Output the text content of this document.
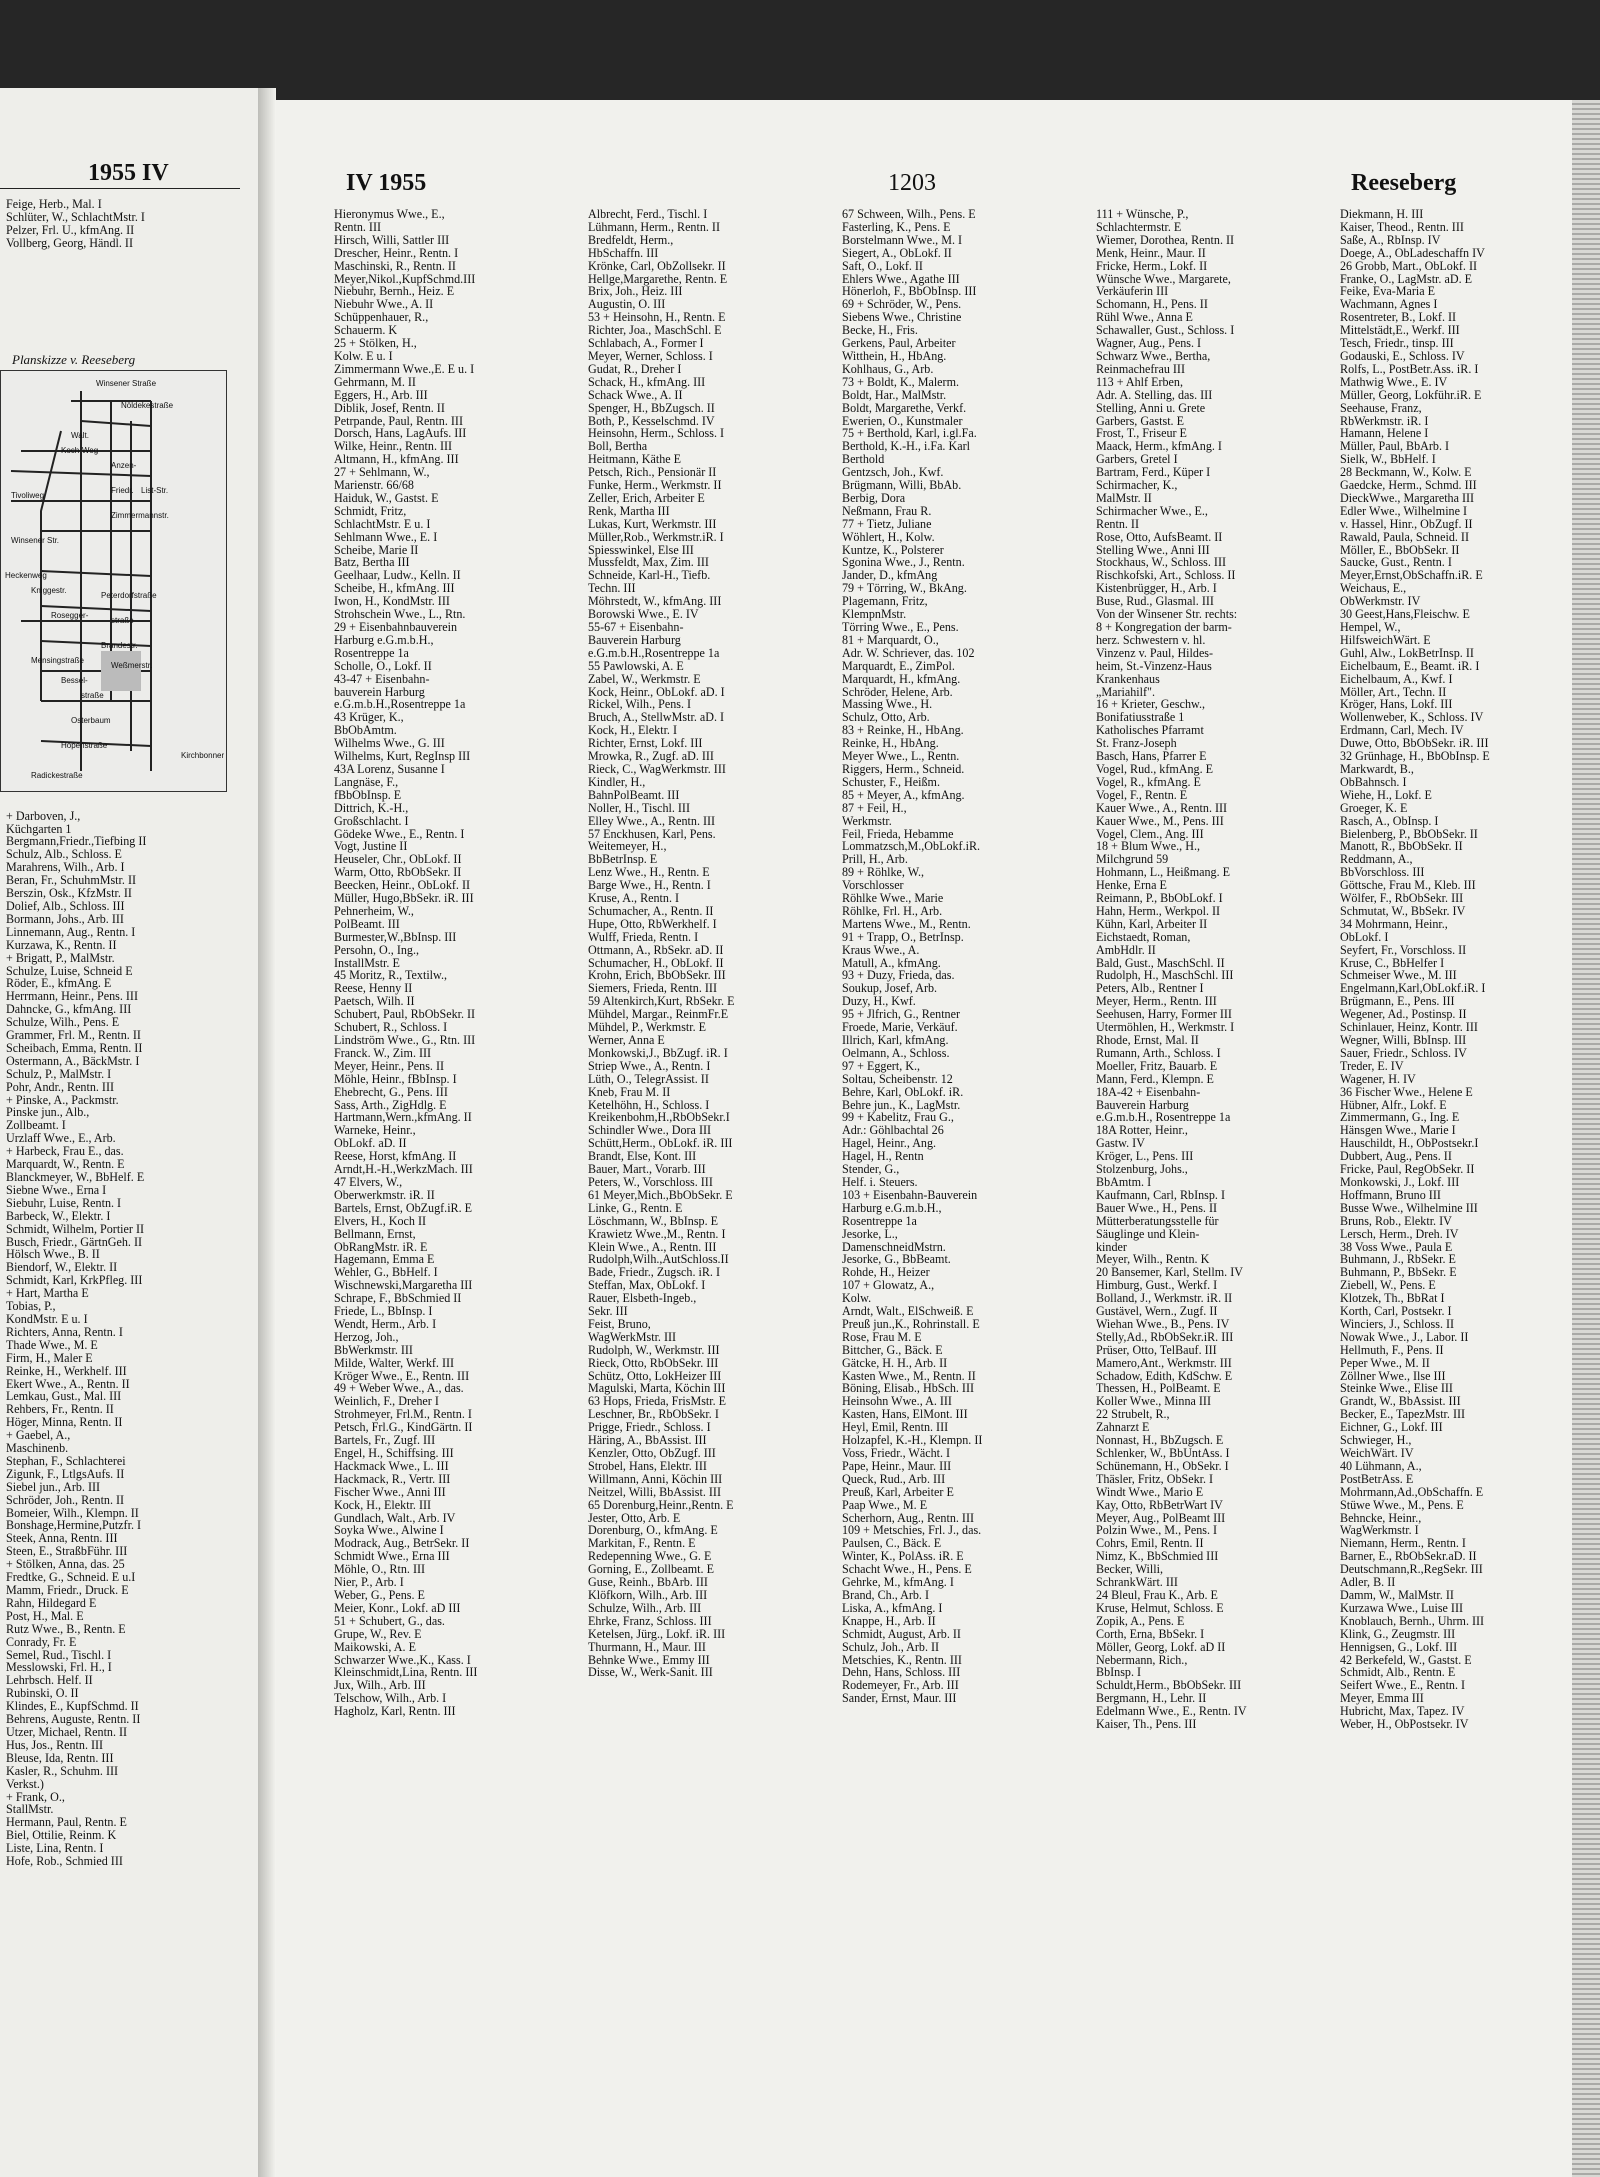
1955 IV
Feige, Herb., Mal. I
Schlüter, W., SchlachtMstr. I
Pelzer, Frl. U., kfmAng. II
Vollberg, Georg, Händl. II
+ Darboven, J.,
Küchgarten 1
Bergmann,Friedr.,Tiefbing II
Schulz, Alb., Schloss. E
Marahrens, Wilh., Arb. I
Beran, Fr., SchuhmMstr. II
Berszin, Osk., KfzMstr. II
Dolief, Alb., Schloss. III
Bormann, Johs., Arb. III
Linnemann, Aug., Rentn. I
Kurzawa, K., Rentn. II
+ Brigatt, P., MalMstr.
Schulze, Luise, Schneid E
Röder, E., kfmAng. E
Herrmann, Heinr., Pens. III
Dahncke, G., kfmAng. III
Schulze, Wilh., Pens. E
Grammer, Frl. M., Rentn. II
Scheibach, Emma, Rentn. II
Ostermann, A., BäckMstr. I
Schulz, P., MalMstr. I
Pohr, Andr., Rentn. III
+ Pinske, A., Packmstr.
Pinske jun., Alb.,
Zollbeamt. I
Urzlaff Wwe., E., Arb.
+ Harbeck, Frau E., das.
Marquardt, W., Rentn. E
Blanckmeyer, W., BbHelf. E
Siebne Wwe., Erna I
Siebuhr, Luise, Rentn. I
Barbeck, W., Elektr. I
Schmidt, Wilhelm, Portier II
Busch, Friedr., GärtnGeh. II
Hölsch Wwe., B. II
Biendorf, W., Elektr. II
Schmidt, Karl, KrkPfleg. III
+ Hart, Martha E
Tobias, P.,
KondMstr. E u. I
Richters, Anna, Rentn. I
Thade Wwe., M. E
Firm, H., Maler E
Reinke, H., Werkhelf. III
Ekert Wwe., A., Rentn. II
Lemkau, Gust., Mal. III
Rehbers, Fr., Rentn. II
Höger, Minna, Rentn. II
+ Gaebel, A.,
Maschinenb.
Stephan, F., Schlachterei
Zigunk, F., LtlgsAufs. II
Siebel jun., Arb. III
Schröder, Joh., Rentn. II
Bomeier, Wilh., Klempn. II
Bonshage,Hermine,Putzfr. I
Steek, Anna, Rentn. III
Steen, E., StraßbFühr. III
+ Stölken, Anna, das. 25
Fredtke, G., Schneid. E u.I
Mamm, Friedr., Druck. E
Rahn, Hildegard E
Post, H., Mal. E
Rutz Wwe., B., Rentn. E
Conrady, Fr. E
Semel, Rud., Tischl. I
Messlowski, Frl. H., I
Lehrbsch. Helf. II
Rubinski, O. II
Klindes, E., KupfSchmd. II
Behrens, Auguste, Rentn. II
Utzer, Michael, Rentn. II
Hus, Jos., Rentn. III
Bleuse, Ida, Rentn. III
Kasler, R., Schuhm. III
Verkst.)
+ Frank, O.,
StallMstr.
Hermann, Paul, Rentn. E
Biel, Ottilie, Reinm. K
Liste, Lina, Rentn. I
Hofe, Rob., Schmied III
Planskizze v. Reeseberg
Winsener Straße
Nöldekestraße
Walt.
Koch-Weg
Anzen-
Friedr. List-Str.
Tivoliweg
Zimmermannstr.
Winsener Str.
Heckenweg
Kniggestr.
Peterdorfstraße
Rosegger-
straße
Brandestr.
Mensingstraße
Weßmerstr.
Bessel-
straße
Osterbaum
Höpenstraße
Radickestraße
Kirchbonner
IV 1955	1203	Reeseberg
Hieronymus Wwe., E.,
Rentn. III
Hirsch, Willi, Sattler III
Drescher, Heinr., Rentn. I
Maschinski, R., Rentn. II
Meyer,Nikol.,KupfSchmd.III
Niebuhr, Bernh., Heiz. E
Niebuhr Wwe., A. II
Schüppenhauer, R.,
Schauerm. K
25 + Stölken, H.,
Kolw. E u. I
Zimmermann Wwe.,E. E u. I
Gehrmann, M. II
Eggers, H., Arb. III
Diblik, Josef, Rentn. II
Petrpande, Paul, Rentn. III
Dorsch, Hans, LagAufs. III
Wilke, Heinr., Rentn. III
Altmann, H., kfmAng. III
27 + Sehlmann, W.,
Marienstr. 66/68
Haiduk, W., Gastst. E
Schmidt, Fritz,
SchlachtMstr. E u. I
Sehlmann Wwe., E. I
Scheibe, Marie II
Batz, Bertha III
Geelhaar, Ludw., Kelln. II
Scheibe, H., kfmAng. III
Iwon, H., KondMstr. III
Strohschein Wwe., L., Rtn.
29 + Eisenbahnbauverein
Harburg e.G.m.b.H.,
Rosentreppe 1a
Scholle, O., Lokf. II
43-47 + Eisenbahn-
bauverein Harburg
e.G.m.b.H.,Rosentreppe 1a
43 Krüger, K.,
BbObAmtm.
Wilhelms Wwe., G. III
Wilhelms, Kurt, RegInsp III
43A Lorenz, Susanne I
Langnäse, F.,
fBbObInsp. E
Dittrich, K.-H.,
Großschlacht. I
Gödeke Wwe., E., Rentn. I
Vogt, Justine II
Heuseler, Chr., ObLokf. II
Warm, Otto, RbObSekr. II
Beecken, Heinr., ObLokf. II
Müller, Hugo,BbSekr. iR. III
Pehnerheim, W.,
PolBeamt. III
Burmester,W.,BbInsp. III
Persohn, O., Ing.,
InstallMstr. E
45 Moritz, R., Textilw.,
Reese, Henny II
Paetsch, Wilh. II
Schubert, Paul, RbObSekr. II
Schubert, R., Schloss. I
Lindström Wwe., G., Rtn. III
Franck. W., Zim. III
Meyer, Heinr., Pens. II
Möhle, Heinr., fBbInsp. I
Ehebrecht, G., Pens. III
Sass, Arth., ZigHdlg. E
Hartmann,Wern.,kfmAng. II
Warneke, Heinr.,
ObLokf. aD. II
Reese, Horst, kfmAng. II
Arndt,H.-H.,WerkzMach. III
47 Elvers, W.,
Oberwerkmstr. iR. II
Bartels, Ernst, ObZugf.iR. E
Elvers, H., Koch II
Bellmann, Ernst,
ObRangMstr. iR. E
Hagemann, Emma E
Wehler, G., BbHelf. I
Wischnewski,Margaretha III
Schrape, F., BbSchmied II
Friede, L., BbInsp. I
Wendt, Herm., Arb. I
Herzog, Joh.,
BbWerkmstr. III
Milde, Walter, Werkf. III
Kröger Wwe., E., Rentn. III
49 + Weber Wwe., A., das.
Weinlich, F., Dreher I
Strohmeyer, Frl.M., Rentn. I
Petsch, Frl.G., KindGärtn. II
Bartels, Fr., Zugf. III
Engel, H., Schiffsing. III
Hackmack Wwe., L. III
Hackmack, R., Vertr. III
Fischer Wwe., Anni III
Kock, H., Elektr. III
Gundlach, Walt., Arb. IV
Soyka Wwe., Alwine I
Modrack, Aug., BetrSekr. II
Schmidt Wwe., Erna III
Möhle, O., Rtn. III
Nier, P., Arb. I
Weber, G., Pens. E
Meier, Konr., Lokf. aD III
51 + Schubert, G., das.
Grupe, W., Rev. E
Maikowski, A. E
Schwarzer Wwe.,K., Kass. I
Kleinschmidt,Lina, Rentn. III
Jux, Wilh., Arb. III
Telschow, Wilh., Arb. I
Hagholz, Karl, Rentn. III
Albrecht, Ferd., Tischl. I
Lühmann, Herm., Rentn. II
Bredfeldt, Herm.,
HbSchaffn. III
Krönke, Carl, ObZollsekr. II
Hellge,Margarethe, Rentn. E
Brix, Joh., Heiz. III
Augustin, O. III
53 + Heinsohn, H., Rentn. E
Richter, Joa., MaschSchl. E
Schlabach, A., Former I
Meyer, Werner, Schloss. I
Gudat, R., Dreher I
Schack, H., kfmAng. III
Schack Wwe., A. II
Spenger, H., BbZugsch. II
Both, P., Kesselschmd. IV
Heinsohn, Herm., Schloss. I
Boll, Bertha
Heitmann, Käthe E
Petsch, Rich., Pensionär II
Funke, Herm., Werkmstr. II
Zeller, Erich, Arbeiter E
Renk, Martha III
Lukas, Kurt, Werkmstr. III
Müller,Rob., Werkmstr.iR. I
Spiesswinkel, Else III
Mussfeldt, Max, Zim. III
Schneide, Karl-H., Tiefb.
Techn. III
Möhrstedt, W., kfmAng. III
Borowski Wwe., E. IV
55-67 + Eisenbahn-
Bauverein Harburg
e.G.m.b.H.,Rosentreppe 1a
55 Pawlowski, A. E
Zabel, W., Werkmstr. E
Kock, Heinr., ObLokf. aD. I
Rickel, Wilh., Pens. I
Bruch, A., StellwMstr. aD. I
Kock, H., Elektr. I
Richter, Ernst, Lokf. III
Mrowka, R., Zugf. aD. III
Rieck, C., WagWerkmstr. III
Kindler, H.,
BahnPolBeamt. III
Noller, H., Tischl. III
Elley Wwe., A., Rentn. III
57 Enckhusen, Karl, Pens.
Weitemeyer, H.,
BbBetrInsp. E
Lenz Wwe., H., Rentn. E
Barge Wwe., H., Rentn. I
Kruse, A., Rentn. I
Schumacher, A., Rentn. II
Hupe, Otto, RbWerkhelf. I
Wulff, Frieda, Rentn. I
Ottmann, A., RbSekr. aD. II
Schumacher, H., ObLokf. II
Krohn, Erich, BbObSekr. III
Siemers, Frieda, Rentn. III
59 Altenkirch,Kurt, RbSekr. E
Mühdel, Margar., ReinmFr.E
Mühdel, P., Werkmstr. E
Werner, Anna E
Monkowski,J., BbZugf. iR. I
Striep Wwe., A., Rentn. I
Lüth, O., TelegrAssist. II
Kneb, Frau M. II
Ketelhöhn, H., Schloss. I
Kreikenbohm,H.,RbObSekr.I
Schindler Wwe., Dora III
Schütt,Herm., ObLokf. iR. III
Brandt, Else, Kont. III
Bauer, Mart., Vorarb. III
Peters, W., Vorschloss. III
61 Meyer,Mich.,BbObSekr. E
Linke, G., Rentn. E
Löschmann, W., BbInsp. E
Krawietz Wwe.,M., Rentn. I
Klein Wwe., A., Rentn. III
Rudolph,Wilh.,AutSchloss.II
Bade, Friedr., Zugsch. iR. I
Steffan, Max, ObLokf. I
Rauer, Elsbeth-Ingeb.,
Sekr. III
Feist, Bruno,
WagWerkMstr. III
Rudolph, W., Werkmstr. III
Rieck, Otto, RbObSekr. III
Schütz, Otto, LokHeizer III
Magulski, Marta, Köchin III
63 Hops, Frieda, FrisMstr. E
Leschner, Br., RbObSekr. I
Prigge, Friedr., Schloss. I
Häring, A., BbAssist. III
Kenzler, Otto, ObZugf. III
Strobel, Hans, Elektr. III
Willmann, Anni, Köchin III
Neitzel, Willi, BbAssist. III
65 Dorenburg,Heinr.,Rentn. E
Jester, Otto, Arb. E
Dorenburg, O., kfmAng. E
Markitan, F., Rentn. E
Redepenning Wwe., G. E
Gorning, E., Zollbeamt. E
Guse, Reinh., BbArb. III
Klöfkorn, Wilh., Arb. III
Schulze, Wilh., Arb. III
Ehrke, Franz, Schloss. III
Ketelsen, Jürg., Lokf. iR. III
Thurmann, H., Maur. III
Behnke Wwe., Emmy III
Disse, W., Werk-Sanit. III
67 Schween, Wilh., Pens. E
Fasterling, K., Pens. E
Borstelmann Wwe., M. I
Siegert, A., ObLokf. II
Saft, O., Lokf. II
Ehlers Wwe., Agathe III
Hönerloh, F., BbObInsp. III
69 + Schröder, W., Pens.
Siebens Wwe., Christine
Becke, H., Fris.
Gerkens, Paul, Arbeiter
Witthein, H., HbAng.
Kohlhaus, G., Arb.
73 + Boldt, K., Malerm.
Boldt, Har., MalMstr.
Boldt, Margarethe, Verkf.
Ewerien, O., Kunstmaler
75 + Berthold, Karl, i.gl.Fa.
Berthold, K.-H., i.Fa. Karl
Berthold
Gentzsch, Joh., Kwf.
Brügmann, Willi, BbAb.
Berbig, Dora
Neßmann, Frau R.
77 + Tietz, Juliane
Wöhlert, H., Kolw.
Kuntze, K., Polsterer
Sgonina Wwe., J., Rentn.
Jander, D., kfmAng
79 + Törring, W., BkAng.
Plagemann, Fritz,
KlempnMstr.
Törring Wwe., E., Pens.
81 + Marquardt, O.,
Adr. W. Schriever, das. 102
Marquardt, E., ZimPol.
Marquardt, H., kfmAng.
Schröder, Helene, Arb.
Massing Wwe., H.
Schulz, Otto, Arb.
83 + Reinke, H., HbAng.
Reinke, H., HbAng.
Meyer Wwe., L., Rentn.
Riggers, Herm., Schneid.
Schuster, F., Heißm.
85 + Meyer, A., kfmAng.
87 + Feil, H.,
Werkmstr.
Feil, Frieda, Hebamme
Lommatzsch,M.,ObLokf.iR.
Prill, H., Arb.
89 + Röhlke, W.,
Vorschlosser
Röhlke Wwe., Marie
Röhlke, Frl. H., Arb.
Martens Wwe., M., Rentn.
91 + Trapp, O., BetrInsp.
Kraus Wwe., A.
Matull, A., kfmAng.
93 + Duzy, Frieda, das.
Soukup, Josef, Arb.
Duzy, H., Kwf.
95 + Jlfrich, G., Rentner
Froede, Marie, Verkäuf.
Illrich, Karl, kfmAng.
Oelmann, A., Schloss.
97 + Eggert, K.,
Soltau, Scheibenstr. 12
Behre, Karl, ObLokf. iR.
Behre jun., K., LagMstr.
99 + Kabelitz, Frau G.,
Adr.: Göhlbachtal 26
Hagel, Heinr., Ang.
Hagel, H., Rentn
Stender, G.,
Helf. i. Steuers.
103 + Eisenbahn-Bauverein
Harburg e.G.m.b.H.,
Rosentreppe 1a
Jesorke, L.,
DamenschneidMstrn.
Jesorke, G., BbBeamt.
Rohde, H., Heizer
107 + Glowatz, A.,
Kolw.
Arndt, Walt., ElSchweiß. E
Preuß jun.,K., Rohrinstall. E
Rose, Frau M. E
Bittcher, G., Bäck. E
Gätcke, H. H., Arb. II
Kasten Wwe., M., Rentn. II
Böning, Elisab., HbSch. III
Heinsohn Wwe., A. III
Kasten, Hans, ElMont. III
Heyl, Emil, Rentn. III
Holzapfel, K.-H., Klempn. II
Voss, Friedr., Wächt. I
Pape, Heinr., Maur. III
Queck, Rud., Arb. III
Preuß, Karl, Arbeiter E
Paap Wwe., M. E
Scherhorn, Aug., Rentn. III
109 + Metschies, Frl. J., das.
Paulsen, C., Bäck. E
Winter, K., PolAss. iR. E
Schacht Wwe., H., Pens. E
Gehrke, M., kfmAng. I
Brand, Ch., Arb. I
Liska, A., kfmAng. I
Knappe, H., Arb. II
Schmidt, August, Arb. II
Schulz, Joh., Arb. II
Metschies, K., Rentn. III
Dehn, Hans, Schloss. III
Rodemeyer, Fr., Arb. III
Sander, Ernst, Maur. III
111 + Wünsche, P.,
Schlachtermstr. E
Wiemer, Dorothea, Rentn. II
Menk, Heinr., Maur. II
Fricke, Herm., Lokf. II
Wünsche Wwe., Margarete,
Verkäuferin III
Schomann, H., Pens. II
Rühl Wwe., Anna E
Schawaller, Gust., Schloss. I
Wagner, Aug., Pens. I
Schwarz Wwe., Bertha,
Reinmachefrau III
113 + Ahlf Erben,
Adr. A. Stelling, das. III
Stelling, Anni u. Grete
Garbers, Gastst. E
Frost, T., Friseur E
Maack, Herm., kfmAng. I
Garbers, Gretel I
Bartram, Ferd., Küper I
Schirmacher, K.,
MalMstr. II
Schirmacher Wwe., E.,
Rentn. II
Rose, Otto, AufsBeamt. II
Stelling Wwe., Anni III
Stockhaus, W., Schloss. III
Rischkofski, Art., Schloss. II
Kistenbrügger, H., Arb. I
Buse, Rud., Glasmal. III
Von der Winsener Str. rechts:
8 + Kongregation der barm-
herz. Schwestern v. hl.
Vinzenz v. Paul, Hildes-
heim, St.-Vinzenz-Haus
Krankenhaus
„Mariahilf".
16 + Krieter, Geschw.,
Bonifatiusstraße 1
Katholisches Pfarramt
St. Franz-Joseph
Basch, Hans, Pfarrer E
Vogel, Rud., kfmAng. E
Vogel, R., kfmAng. E
Vogel, F., Rentn. E
Kauer Wwe., A., Rentn. III
Kauer Wwe., M., Pens. III
Vogel, Clem., Ang. III
18 + Blum Wwe., H.,
Milchgrund 59
Hohmann, L., Heißmang. E
Henke, Erna E
Reimann, P., BbObLokf. I
Hahn, Herm., Werkpol. II
Kühn, Karl, Arbeiter II
Eichstaedt, Roman,
AmbHdlr. II
Bald, Gust., MaschSchl. II
Rudolph, H., MaschSchl. III
Peters, Alb., Rentner I
Meyer, Herm., Rentn. III
Seehusen, Harry, Former III
Utermöhlen, H., Werkmstr. I
Rhode, Ernst, Mal. II
Rumann, Arth., Schloss. I
Moeller, Fritz, Bauarb. E
Mann, Ferd., Klempn. E
18A-42 + Eisenbahn-
Bauverein Harburg
e.G.m.b.H., Rosentreppe 1a
18A Rotter, Heinr.,
Gastw. IV
Kröger, L., Pens. III
Stolzenburg, Johs.,
BbAmtm. I
Kaufmann, Carl, RbInsp. I
Bauer Wwe., H., Pens. II
Mütterberatungsstelle für
Säuglinge und Klein-
kinder
Meyer, Wilh., Rentn. K
20 Bansemer, Karl, Stellm. IV
Himburg, Gust., Werkf. I
Bolland, J., Werkmstr. iR. II
Gustävel, Wern., Zugf. II
Wiehan Wwe., B., Pens. IV
Stelly,Ad., RbObSekr.iR. III
Prüser, Otto, TelBauf. III
Mamero,Ant., Werkmstr. III
Schadow, Edith, KdSchw. E
Thessen, H., PolBeamt. E
Koller Wwe., Minna III
22 Strubelt, R.,
Zahnarzt E
Nonnast, H., BbZugsch. E
Schlenker, W., BbUntAss. I
Schünemann, H., ObSekr. I
Thäsler, Fritz, ObSekr. I
Windt Wwe., Mario E
Kay, Otto, RbBetrWart IV
Meyer, Aug., PolBeamt III
Polzin Wwe., M., Pens. I
Cohrs, Emil, Rentn. II
Nimz, K., BbSchmied III
Becker, Willi,
SchrankWärt. III
24 Bleul, Frau K., Arb. E
Kruse, Helmut, Schloss. E
Zopik, A., Pens. E
Corth, Erna, BbSekr. I
Möller, Georg, Lokf. aD II
Nebermann, Rich.,
BbInsp. I
Schuldt,Herm., BbObSekr. III
Bergmann, H., Lehr. II
Edelmann Wwe., E., Rentn. IV
Kaiser, Th., Pens. III
Diekmann, H. III
Kaiser, Theod., Rentn. III
Saße, A., RbInsp. IV
Doege, A., ObLadeschaffn IV
26 Grobb, Mart., ObLokf. II
Franke, O., LagMstr. aD. E
Feike, Eva-Maria E
Wachmann, Agnes I
Rosentreter, B., Lokf. II
Mittelstädt,E., Werkf. III
Tesch, Friedr., tinsp. III
Godauski, E., Schloss. IV
Rolfs, L., PostBetr.Ass. iR. I
Mathwig Wwe., E. IV
Müller, Georg, Lokführ.iR. E
Seehause, Franz,
RbWerkmstr. iR. I
Hamann, Helene I
Müller, Paul, BbArb. I
Sielk, W., BbHelf. I
28 Beckmann, W., Kolw. E
Gaedcke, Herm., Schmd. III
DieckWwe., Margaretha III
Edler Wwe., Wilhelmine I
v. Hassel, Hinr., ObZugf. II
Rawald, Paula, Schneid. II
Möller, E., BbObSekr. II
Saucke, Gust., Rentn. I
Meyer,Ernst,ObSchaffn.iR. E
Weichaus, E.,
ObWerkmstr. IV
30 Geest,Hans,Fleischw. E
Hempel, W.,
HilfsweichWärt. E
Guhl, Alw., LokBetrInsp. II
Eichelbaum, E., Beamt. iR. I
Eichelbaum, A., Kwf. I
Möller, Art., Techn. II
Kröger, Hans, Lokf. III
Wollenweber, K., Schloss. IV
Erdmann, Carl, Mech. IV
Duwe, Otto, BbObSekr. iR. III
32 Grünhage, H., BbObInsp. E
Markwardt, B.,
ObBahnsch. I
Wiehe, H., Lokf. E
Groeger, K. E
Rasch, A., ObInsp. I
Bielenberg, P., BbObSekr. II
Manott, R., BbObSekr. II
Reddmann, A.,
BbVorschloss. III
Göttsche, Frau M., Kleb. III
Wölfer, F., RbObSekr. III
Schmutat, W., BbSekr. IV
34 Mohrmann, Heinr.,
ObLokf. I
Seyfert, Fr., Vorschloss. II
Kruse, C., BbHelfer I
Schmeiser Wwe., M. III
Engelmann,Karl,ObLokf.iR. I
Brügmann, E., Pens. III
Wegener, Ad., Postinsp. II
Schinlauer, Heinz, Kontr. III
Wegner, Willi, BbInsp. III
Sauer, Friedr., Schloss. IV
Treder, E. IV
Wagener, H. IV
36 Fischer Wwe., Helene E
Hübner, Alfr., Lokf. E
Zimmermann, G., Ing. E
Hänsgen Wwe., Marie I
Hauschildt, H., ObPostsekr.I
Dubbert, Aug., Pens. II
Fricke, Paul, RegObSekr. II
Monkowski, J., Lokf. III
Hoffmann, Bruno III
Busse Wwe., Wilhelmine III
Bruns, Rob., Elektr. IV
Lersch, Herm., Dreh. IV
38 Voss Wwe., Paula E
Buhmann, J., RbSekr. E
Buhmann, P., BbSekr. E
Ziebell, W., Pens. E
Klotzek, Th., BbRat I
Korth, Carl, Postsekr. I
Winciers, J., Schloss. II
Nowak Wwe., J., Labor. II
Hellmuth, F., Pens. II
Peper Wwe., M. II
Zöllner Wwe., Ilse III
Steinke Wwe., Elise III
Grandt, W., BbAssist. III
Becker, E., TapezMstr. III
Eichner, G., Lokf. III
Schwieger, H.,
WeichWärt. IV
40 Lühmann, A.,
PostBetrAss. E
Mohrmann,Ad.,ObSchaffn. E
Stüwe Wwe., M., Pens. E
Behncke, Heinr.,
WagWerkmstr. I
Niemann, Herm., Rentn. I
Barner, E., RbObSekr.aD. II
Deutschmann,R.,RegSekr. III
Adler, B. II
Damm, W., MalMstr. II
Kurzawa Wwe., Luise III
Knoblauch, Bernh., Uhrm. III
Klink, G., Zeugmstr. III
Hennigsen, G., Lokf. III
42 Berkefeld, W., Gastst. E
Schmidt, Alb., Rentn. E
Seifert Wwe., E., Rentn. I
Meyer, Emma III
Hubricht, Max, Tapez. IV
Weber, H., ObPostsekr. IV
